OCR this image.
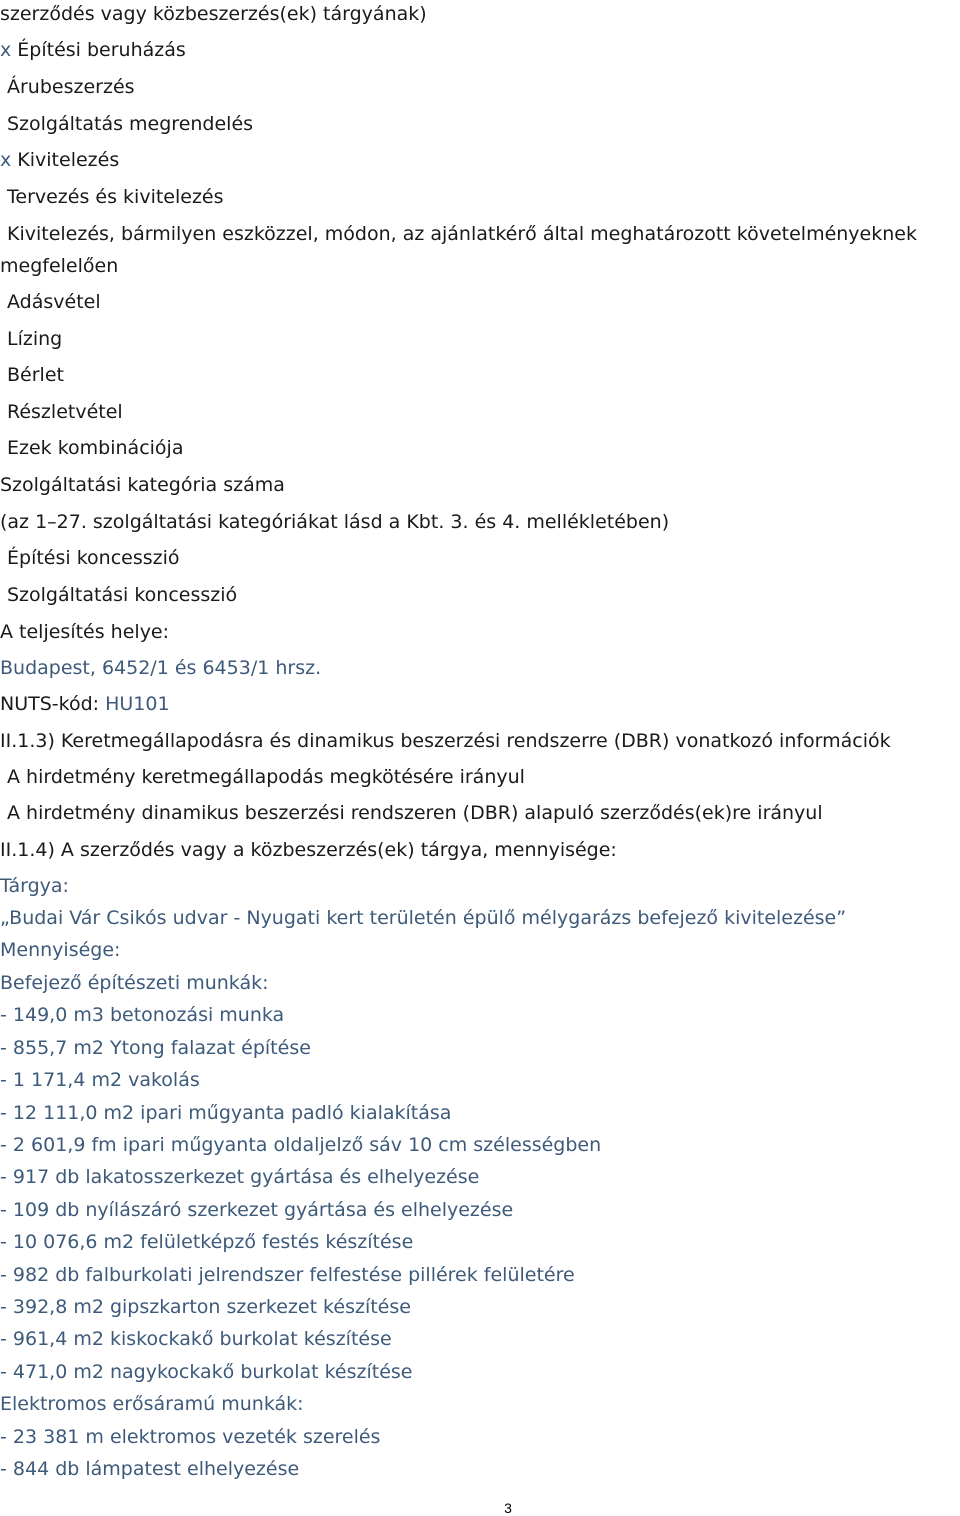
szerződés vagy közbeszerzés(ek) tárgyának)
x Építési beruházás
Árubeszerzés
Szolgáltatás megrendelés
x Kivitelezés
Tervezés és kivitelezés
Kivitelezés, bármilyen eszközzel, módon, az ajánlatkérő által meghatározott követelményeknek
megfelelően
Adásvétel
Lízing
Bérlet
Részletvétel
Ezek kombinációja
Szolgáltatási kategória száma
(az 1–27. szolgáltatási kategóriákat lásd a Kbt. 3. és 4. mellékletében)
Építési koncesszió
Szolgáltatási koncesszió
A teljesítés helye:
Budapest, 6452/1 és 6453/1 hrsz.
NUTS-kód: HU101
II.1.3) Keretmegállapodásra és dinamikus beszerzési rendszerre (DBR) vonatkozó információk
A hirdetmény keretmegállapodás megkötésére irányul
A hirdetmény dinamikus beszerzési rendszeren (DBR) alapuló szerződés(ek)re irányul
II.1.4) A szerződés vagy a közbeszerzés(ek) tárgya, mennyisége:
Tárgya:
„Budai Vár Csikós udvar - Nyugati kert területén épülő mélygarázs befejező kivitelezése”
Mennyisége:
Befejező építészeti munkák:
- 149,0 m3 betonozási munka
- 855,7 m2 Ytong falazat építése
- 1 171,4 m2 vakolás
- 12 111,0 m2 ipari műgyanta padló kialakítása
- 2 601,9 fm ipari műgyanta oldaljelző sáv 10 cm szélességben
- 917 db lakatosszerkezet gyártása és elhelyezése
- 109 db nyílászáró szerkezet gyártása és elhelyezése
- 10 076,6 m2 felületképző festés készítése
- 982 db falburkolati jelrendszer felfestése pillérek felületére
- 392,8 m2 gipszkarton szerkezet készítése
- 961,4 m2 kiskockakő burkolat készítése
- 471,0 m2 nagykockakő burkolat készítése
Elektromos erősáramú munkák:
- 23 381 m elektromos vezeték szerelés
- 844 db lámpatest elhelyezése
3
